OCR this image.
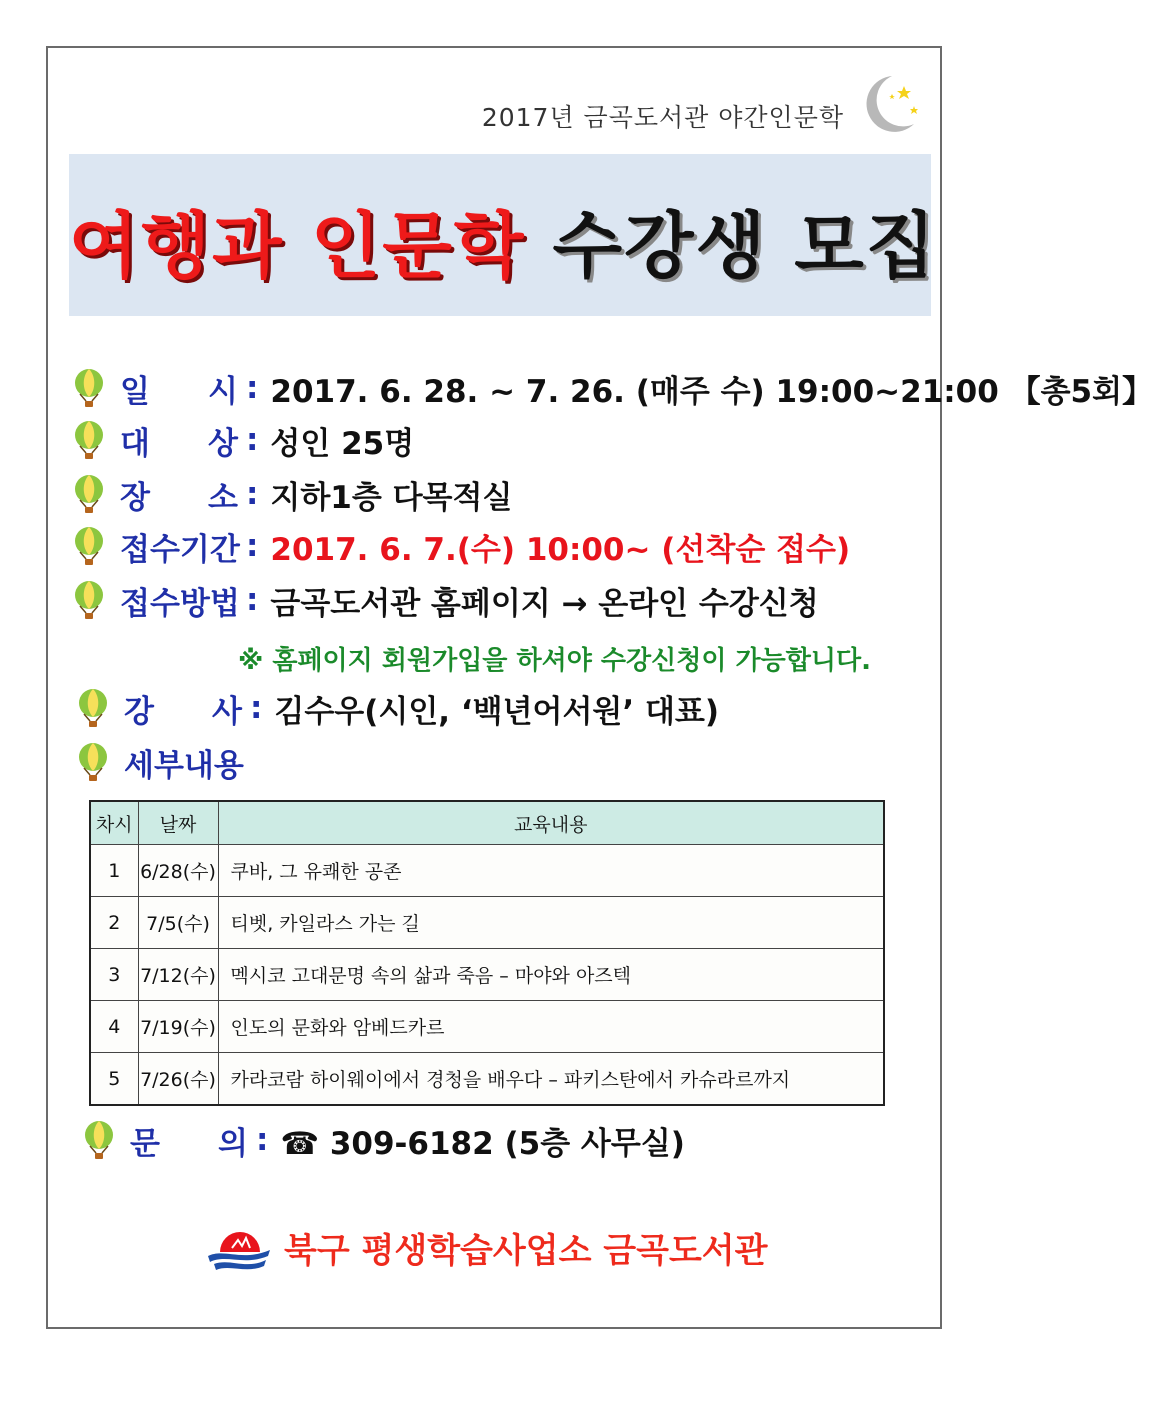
2017년 금곡도서관 야간인문학
여행과 인문학 수강생 모집
일 시 : 2017. 6. 28. ~ 7. 26. (매주 수) 19:00~21:00 【총5회】
대 상 : 성인 25명
장 소 : 지하1층 다목적실
접수기간 : 2017. 6. 7.(수) 10:00~ (선착순 접수)
접수방법 : 금곡도서관 홈페이지 → 온라인 수강신청
※ 홈페이지 회원가입을 하셔야 수강신청이 가능합니다.
강 사 : 김수우(시인, ‘백년어서원’ 대표)
세부내용
차시	날짜	교육내용
1	6/28(수)	쿠바, 그 유쾌한 공존
2	7/5(수)	티벳, 카일라스 가는 길
3	7/12(수)	멕시코 고대문명 속의 삶과 죽음 – 마야와 아즈텍
4	7/19(수)	인도의 문화와 암베드카르
5	7/26(수)	카라코람 하이웨이에서 경청을 배우다 – 파키스탄에서 카슈라르까지
문 의 : ☎ 309-6182 (5층 사무실)
북구 평생학습사업소 금곡도서관
